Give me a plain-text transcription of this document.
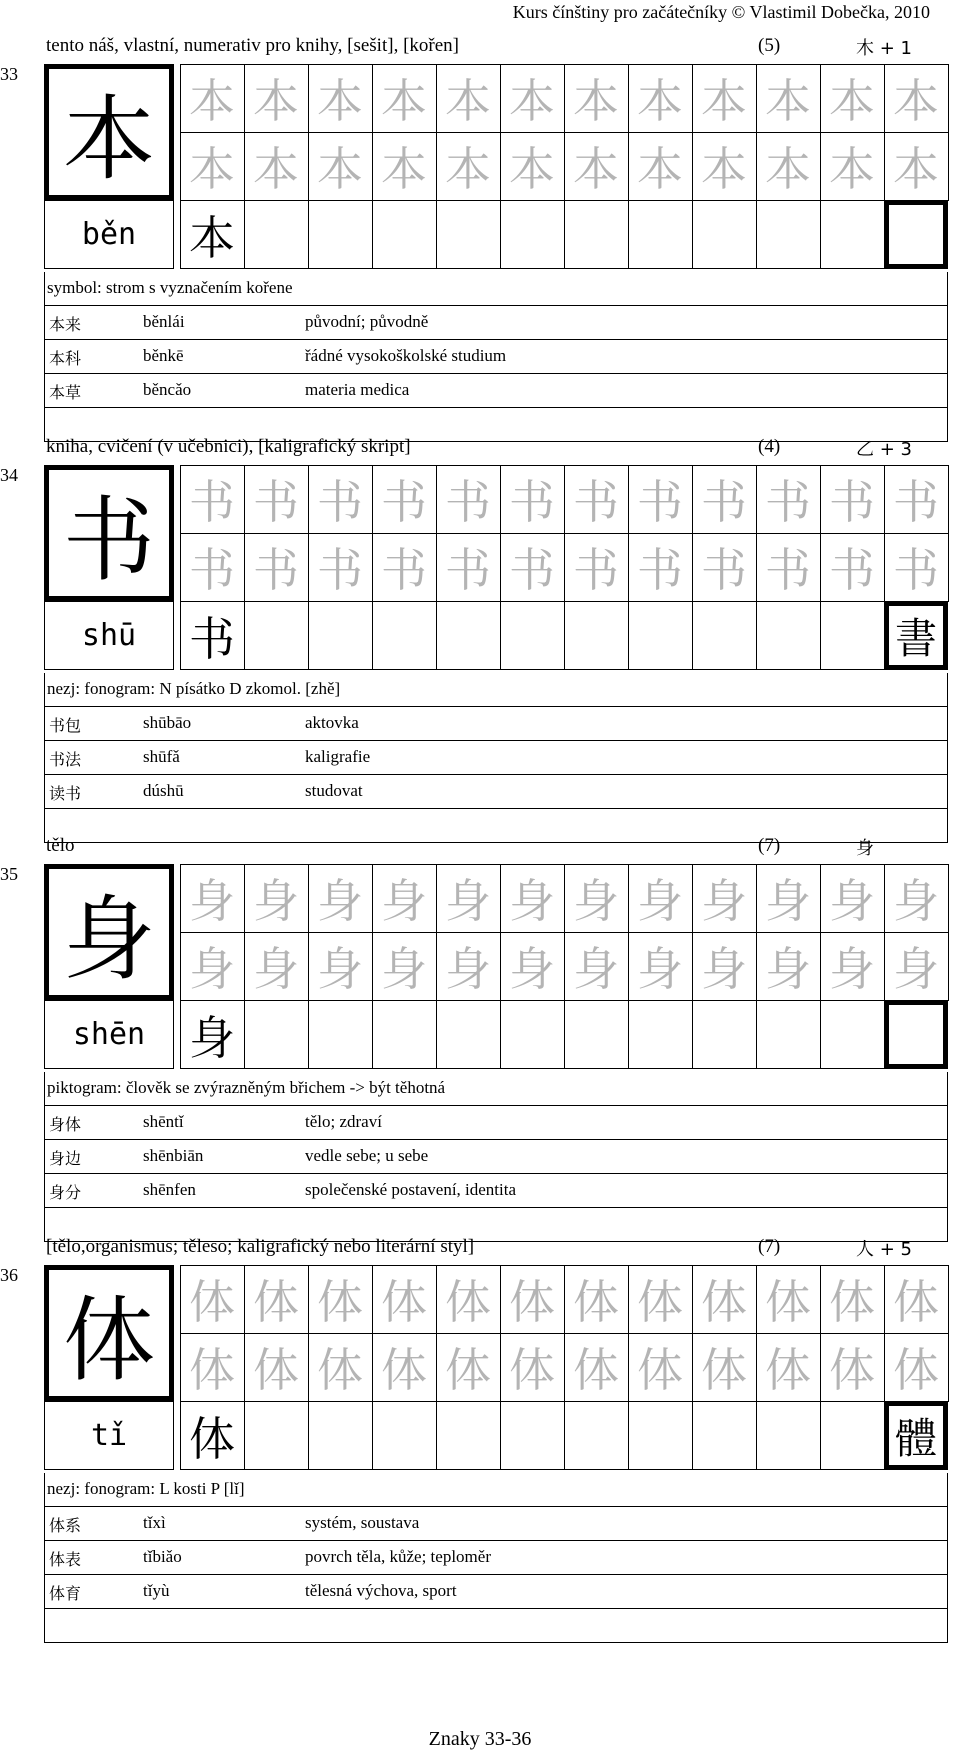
Kurs čínštiny pro začátečníky © Vlastimil Dobečka, 2010
33
tento náš, vlastní, numerativ pro knihy, [sešit], [kořen]	(5)	木 + 1
本 本 本 本 本 本 本 本 本 本 本 本 本
本 本 本 本 本 本 本 本 本 本 本 本
běn	本
symbol: strom s vyznačením kořene
本来	běnlái	původní; původně
本科	běnkē	řádné vysokoškolské studium
本草	běncǎo	materia medica
34
kniha, cvičení (v učebnici), [kaligrafický skript]	(4)	乙 + 3
书 书 书 书 书 书 书 书 书 书 书 书 书
书 书 书 书 书 书 书 书 书 书 书 书
shū	书	書
nezj: fonogram: N písátko D zkomol. [zhě]
书包	shūbāo	aktovka
书法	shūfǎ	kaligrafie
读书	dúshū	studovat
35
tělo	(7)	身
身 身 身 身 身 身 身 身 身 身 身 身 身
身 身 身 身 身 身 身 身 身 身 身 身
shēn 身
piktogram: člověk se zvýrazněným břichem -> být těhotná
身体	shēntǐ	tělo; zdraví
身边	shēnbiān	vedle sebe; u sebe
身分	shēnfen	společenské postavení, identita
36
[tělo,organismus; těleso; kaligrafický nebo literární styl]	(7)	人 + 5
体 体 体 体 体 体 体 体 体 体 体 体 体
体 体 体 体 体 体 体 体 体 体 体 体
tǐ	体	體
nezj: fonogram: L kosti P [lǐ]
体系	tǐxì	systém, soustava
体表	tǐbiǎo	povrch těla, kůže; teploměr
体育	tǐyù	tělesná výchova, sport
Znaky 33-36
